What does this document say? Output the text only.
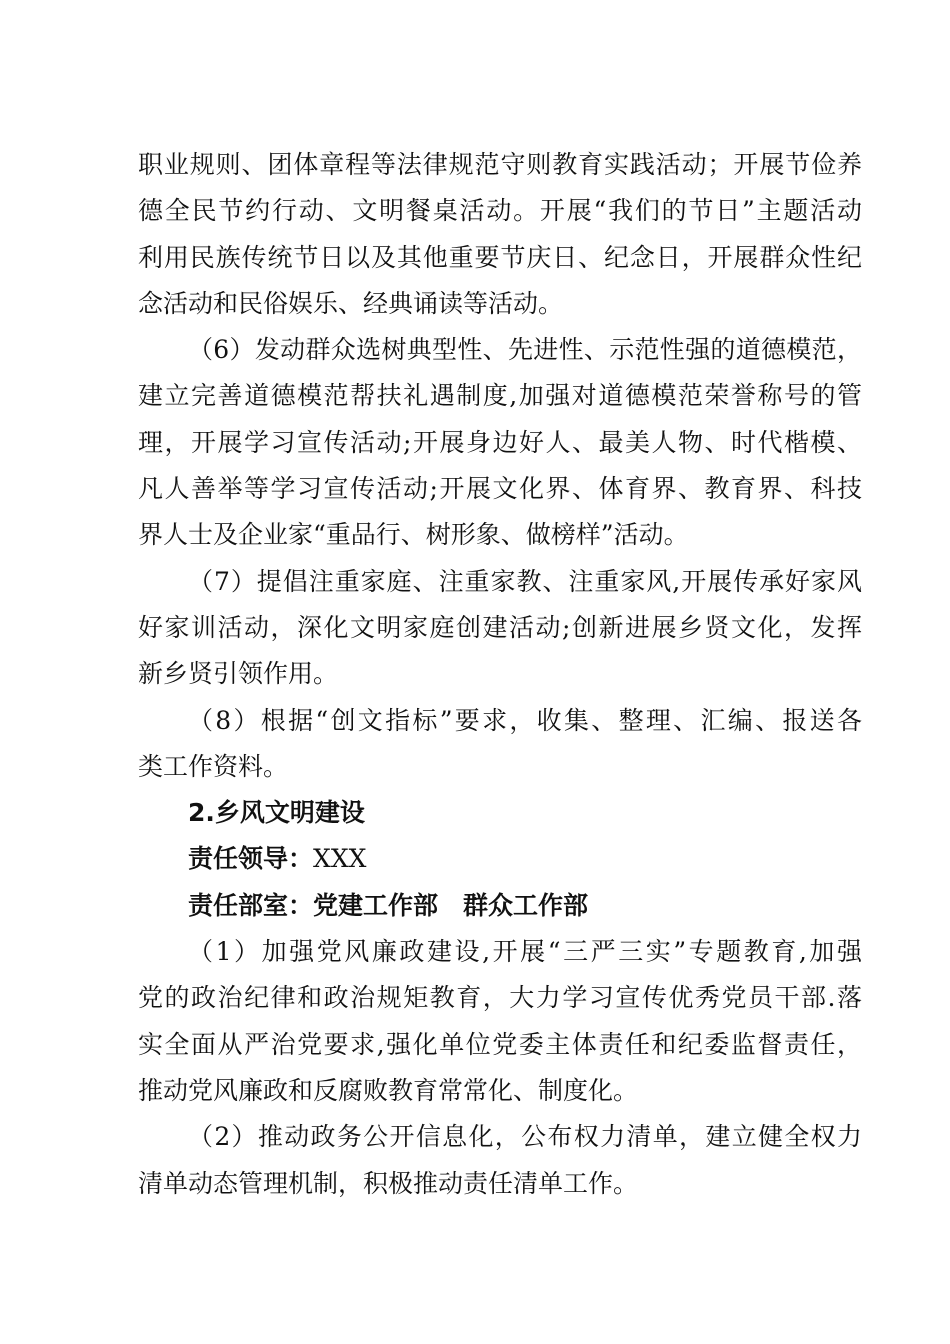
职业规则、团体章程等法律规范守则教育实践活动；开展节俭养
德全民节约行动、文明餐桌活动。开展“我们的节日”主题活动
利用民族传统节日以及其他重要节庆日、纪念日，开展群众性纪
念活动和民俗娱乐、经典诵读等活动。
（6）发动群众选树典型性、先进性、示范性强的道德模范，
建立完善道德模范帮扶礼遇制度,加强对道德模范荣誉称号的管
理，开展学习宣传活动;开展身边好人、最美人物、时代楷模、
凡人善举等学习宣传活动;开展文化界、体育界、教育界、科技
界人士及企业家“重品行、树形象、做榜样”活动。
（7）提倡注重家庭、注重家教、注重家风,开展传承好家风
好家训活动，深化文明家庭创建活动;创新进展乡贤文化，发挥
新乡贤引领作用。
（8）根据“创文指标”要求，收集、整理、汇编、报送各
类工作资料。
2.乡风文明建设
责任领导：XXX
责任部室：党建工作部　群众工作部
（1）加强党风廉政建设,开展“三严三实”专题教育,加强
党的政治纪律和政治规矩教育，大力学习宣传优秀党员干部.落
实全面从严治党要求,强化单位党委主体责任和纪委监督责任，
推动党风廉政和反腐败教育常常化、制度化。
（2）推动政务公开信息化，公布权力清单，建立健全权力
清单动态管理机制，积极推动责任清单工作。
